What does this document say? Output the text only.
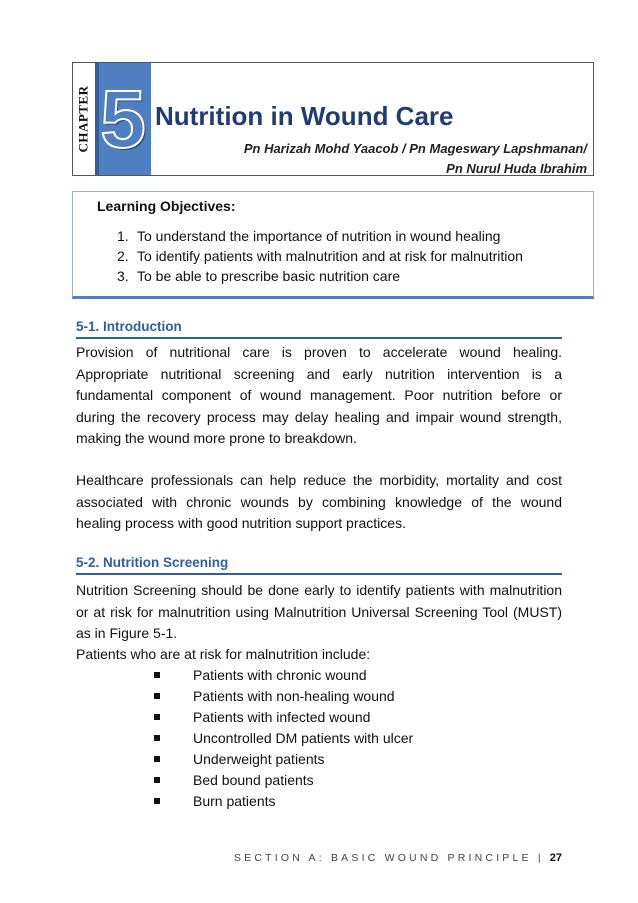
CHAPTER 5 Nutrition in Wound Care
Pn Harizah Mohd Yaacob / Pn Mageswary Lapshmanan/
Pn Nurul Huda Ibrahim
Learning Objectives:
1. To understand the importance of nutrition in wound healing
2. To identify patients with malnutrition and at risk for malnutrition
3. To be able to prescribe basic nutrition care
5-1. Introduction

Provision of nutritional care is proven to accelerate wound healing. Appropriate nutritional screening and early nutrition intervention is a fundamental component of wound management. Poor nutrition before or during the recovery process may delay healing and impair wound strength, making the wound more prone to breakdown.

Healthcare professionals can help reduce the morbidity, mortality and cost associated with chronic wounds by combining knowledge of the wound healing process with good nutrition support practices.

5-2. Nutrition Screening

Nutrition Screening should be done early to identify patients with malnutrition or at risk for malnutrition using Malnutrition Universal Screening Tool (MUST) as in Figure 5-1.

Patients who are at risk for malnutrition include:

Patients with chronic wound
Patients with non-healing wound
Patients with infected wound
Uncontrolled DM patients with ulcer
Underweight patients
Bed bound patients
Burn patients
SECTION A: BASIC WOUND PRINCIPLE | 27
